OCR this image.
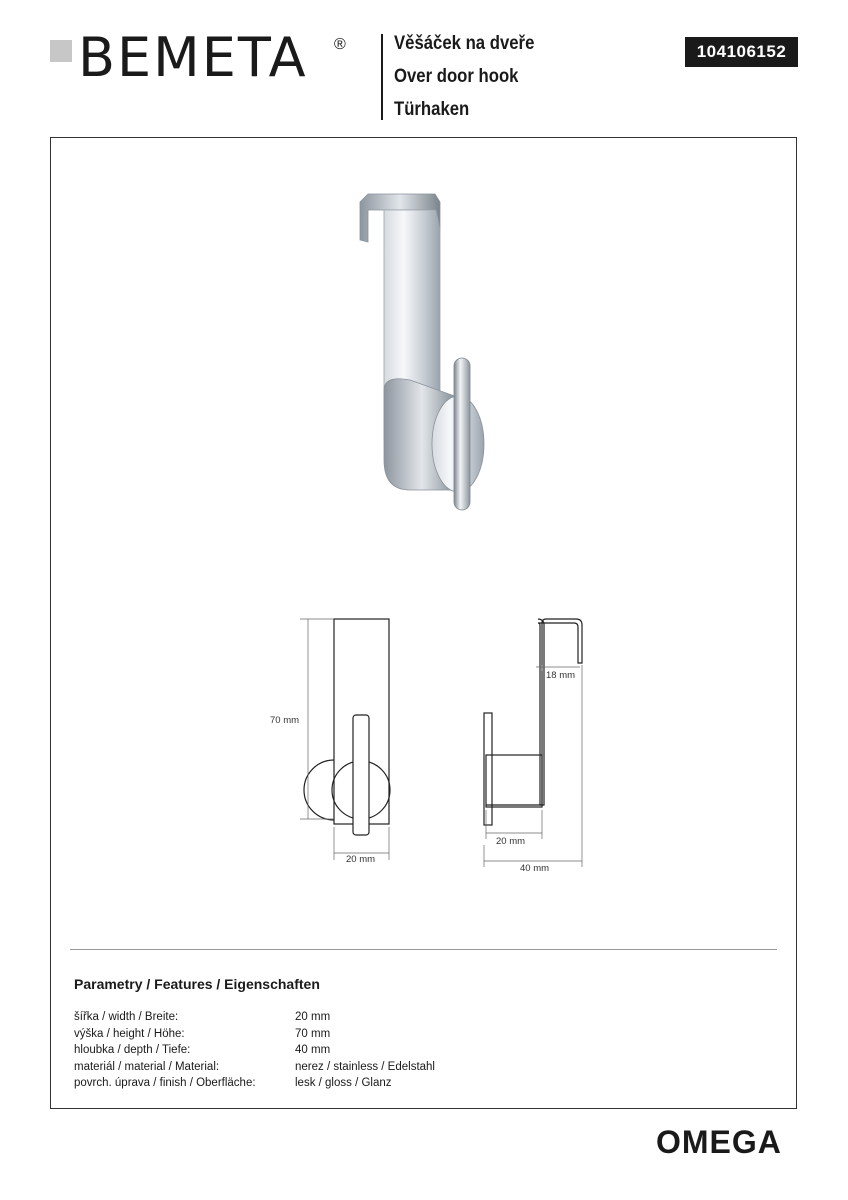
BEMETA ®	Věšáček na dveře
Over door hook
Türhaken
104106152
70 mm
20 mm
18 mm
20 mm
40 mm
Parametry / Features / Eigenschaften
šířka / width / Breite:	20 mm
výška / height / Höhe:	70 mm
hloubka / depth / Tiefe:	40 mm
materiál / material / Material:	nerez / stainless / Edelstahl
povrch. úprava / finish / Oberfläche:	lesk / gloss / Glanz
OMEGA
